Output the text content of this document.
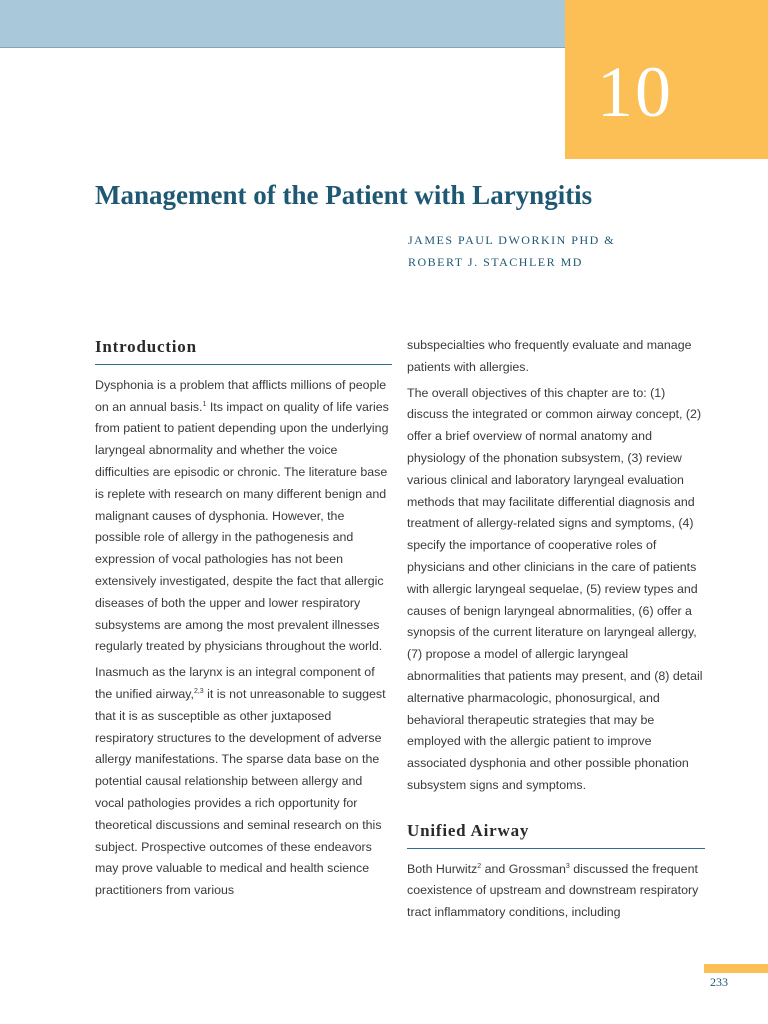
10
Management of the Patient with Laryngitis
JAMES PAUL DWORKIN PHD &
ROBERT J. STACHLER MD
Introduction

Dysphonia is a problem that afflicts millions of people on an annual basis.$^1$ Its impact on quality of life varies from patient to patient depending upon the underlying laryngeal abnormality and whether the voice difficulties are episodic or chronic. The literature base is replete with research on many different benign and malignant causes of dysphonia. However, the possible role of allergy in the pathogenesis and expression of vocal pathologies has not been extensively investigated, despite the fact that allergic diseases of both the upper and lower respiratory subsystems are among the most prevalent illnesses regularly treated by physicians throughout the world.

Inasmuch as the larynx is an integral component of the unified airway,$^{2,3}$ it is not unreasonable to suggest that it is as susceptible as other juxtaposed respiratory structures to the development of adverse allergy manifestations. The sparse data base on the potential causal relationship between allergy and vocal pathologies provides a rich opportunity for theoretical discussions and seminal research on this subject. Prospective outcomes of these endeavors may prove valuable to medical and health science practitioners from various

subspecialties who frequently evaluate and manage patients with allergies.

The overall objectives of this chapter are to: (1) discuss the integrated or common airway concept, (2) offer a brief overview of normal anatomy and physiology of the phonation subsystem, (3) review various clinical and laboratory laryngeal evaluation methods that may facilitate differential diagnosis and treatment of allergy-related signs and symptoms, (4) specify the importance of cooperative roles of physicians and other clinicians in the care of patients with allergic laryngeal sequelae, (5) review types and causes of benign laryngeal abnormalities, (6) offer a synopsis of the current literature on laryngeal allergy, (7) propose a model of allergic laryngeal abnormalities that patients may present, and (8) detail alternative pharmacologic, phonosurgical, and behavioral therapeutic strategies that may be employed with the allergic patient to improve associated dysphonia and other possible phonation subsystem signs and symptoms.

Unified Airway

Both Hurwitz$^2$ and Grossman$^3$ discussed the frequent coexistence of upstream and downstream respiratory tract inflammatory conditions, including

233
